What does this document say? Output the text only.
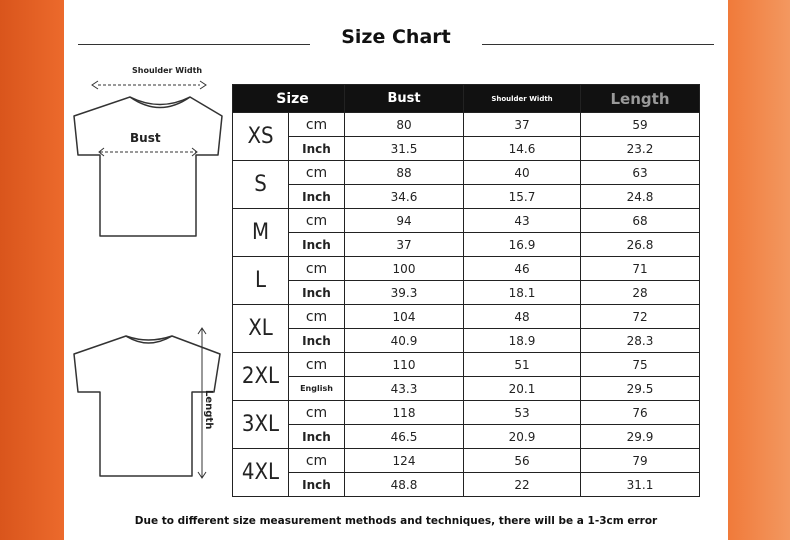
Size Chart
Shoulder Width
Bust
Length
Size		Bust	Shoulder Width	Length
XS	cm	80	37	59
	Inch	31.5	14.6	23.2
S	cm	88	40	63
	Inch	34.6	15.7	24.8
M	cm	94	43	68
	Inch	37	16.9	26.8
L	cm	100	46	71
	Inch	39.3	18.1	28
XL	cm	104	48	72
	Inch	40.9	18.9	28.3
2XL	cm	110	51	75
	English	43.3	20.1	29.5
3XL	cm	118	53	76
	Inch	46.5	20.9	29.9
4XL	cm	124	56	79
	Inch	48.8	22	31.1
Due to different size measurement methods and techniques, there will be a 1-3cm error
